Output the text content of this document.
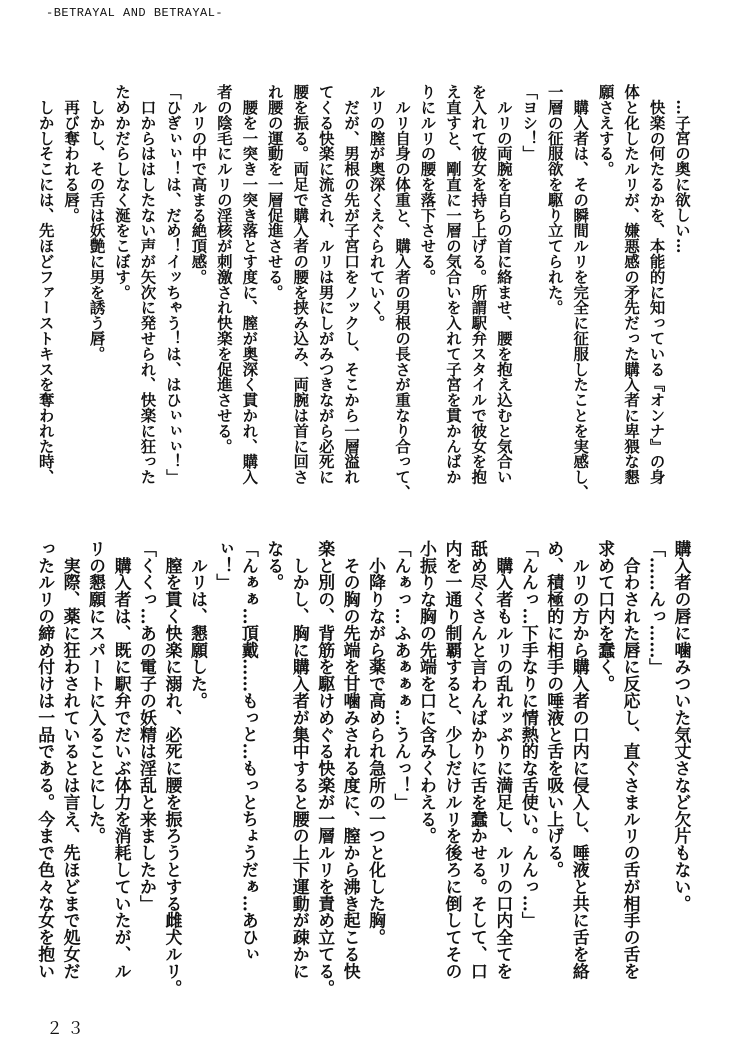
-BETRAYAL AND BETRAYAL-
　…子宮の奥に欲しい…
　快楽の何たるかを、本能的に知っている『オンナ』の身
体と化したルリが、嫌悪感の矛先だった購入者に卑猥な懇
願さえする。
　購入者は、その瞬間ルリを完全に征服したことを実感し、
一層の征服欲を駆り立てられた。
「ヨシ！」
　ルリの両腕を自らの首に絡ませ、腰を抱え込むと気合い
を入れて彼女を持ち上げる。所謂駅弁スタイルで彼女を抱
え直すと、剛直に一層の気合いを入れて子宮を貫かんばか
りにルリの腰を落下させる。
　ルリ自身の体重と、購入者の男根の長さが重なり合って、
ルリの膣が奥深くえぐられていく。
　だが、男根の先が子宮口をノックし、そこから一層溢れ
てくる快楽に流され、ルリは男にしがみつきながら必死に
腰を振る。両足で購入者の腰を挟み込み、両腕は首に回さ
れ腰の運動を一層促進させる。
　腰を一突き一突き落とす度に、膣が奥深く貫かれ、購入
者の陰毛にルリの淫核が刺激され快楽を促進させる。
　ルリの中で高まる絶頂感。
「ひぎぃぃ！は、だめ！イッちゃう！は、はひぃぃぃ！」
　口からははしたない声が矢次に発せられ、快楽に狂った
ためかだらしなく涎をこぼす。
　しかし、その舌は妖艶に男を誘う唇。
　再び奪われる唇。
　しかしそこには、先ほどファーストキスを奪われた時、
購入者の唇に噛みついた気丈さなど欠片もない。
「……んっ……」
　合わされた唇に反応し、直ぐさまルリの舌が相手の舌を
求めて口内を蠢く。
　ルリの方から購入者の口内に侵入し、唾液と共に舌を絡
め、積極的に相手の唾液と舌を吸い上げる。
「んんっ…下手なりに情熱的な舌使い。んんっ…」
　購入者もルリの乱れッぷりに満足し、ルリの口内全てを
舐め尽くさんと言わんばかりに舌を蠢かせる。そして、口
内を一通り制覇すると、少しだけルリを後ろに倒してその
小振りな胸の先端を口に含みくわえる。
「んぁっ…ふあぁぁぁ…うんっ！」
　小降りながら薬で高められ急所の一つと化した胸。
　その胸の先端を甘噛みされる度に、膣から沸き起こる快
楽と別の、背筋を駆けめぐる快楽が一層ルリを責め立てる。
　しかし、胸に購入者が集中すると腰の上下運動が疎かに
なる。
「んぁぁ…頂戴……もっと…もっとちょうだぁ…あひぃ
ぃ！」
　ルリは、懇願した。
　膣を貫く快楽に溺れ、必死に腰を振ろうとする雌犬ルリ。
「くくっ…あの電子の妖精は淫乱と来ましたか」
　購入者は、既に駅弁でだいぶ体力を消耗していたが、ル
リの懇願にスパートに入ることにした。
　実際、薬に狂わされているとは言え、先ほどまで処女だ
ったルリの締め付けは一品である。今まで色々な女を抱い
２３
